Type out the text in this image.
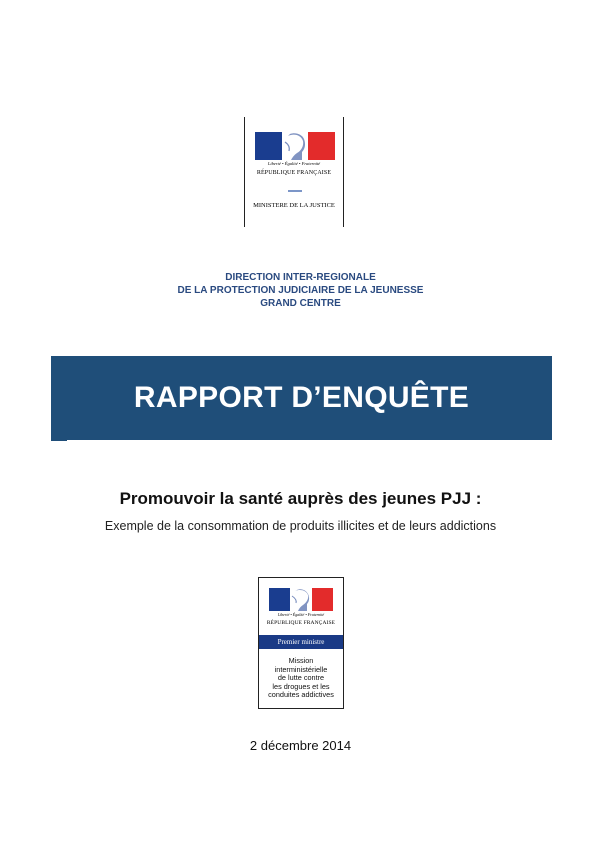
Liberté • Égalité • Fraternité
RÉPUBLIQUE FRANÇAISE
MINISTERE DE LA JUSTICE
DIRECTION INTER-REGIONALE
DE LA PROTECTION JUDICIAIRE DE LA JEUNESSE
GRAND CENTRE
RAPPORT D’ENQUÊTE
Promouvoir la santé auprès des jeunes PJJ :
Exemple de la consommation de produits illicites et de leurs addictions
Liberté • Égalité • Fraternité
RÉPUBLIQUE FRANÇAISE
Premier ministre
Mission
interministérielle
de lutte contre
les drogues et les
conduites addictives
2 décembre 2014
